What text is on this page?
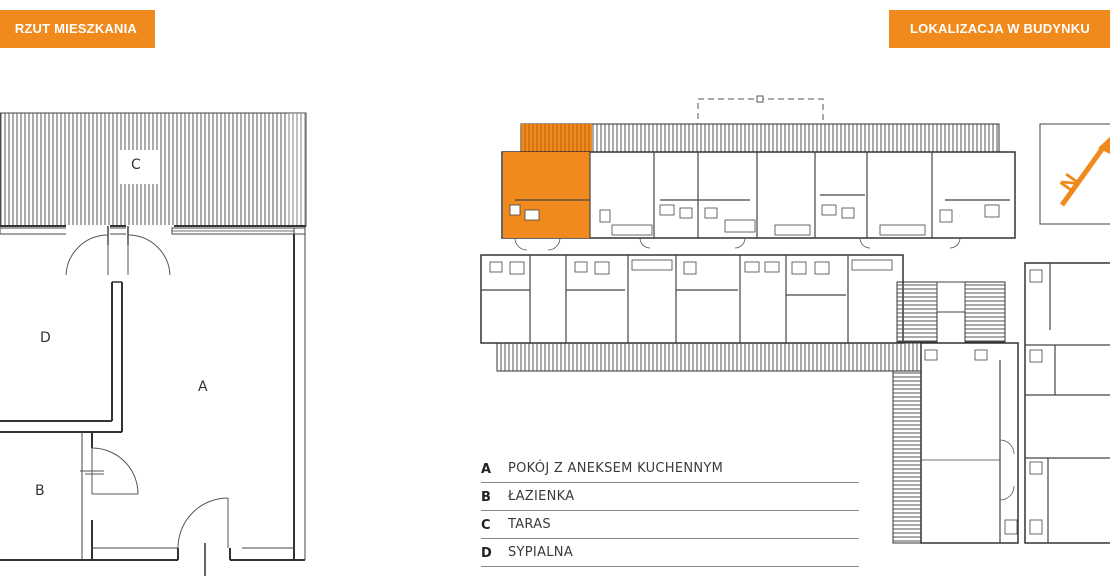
RZUT MIESZKANIA	LOKALIZACJA W BUDYNKU
C
D
A
B
N
A POKÓJ Z ANEKSEM KUCHENNYM
B ŁAZIENKA
C TARAS
D SYPIALNA
